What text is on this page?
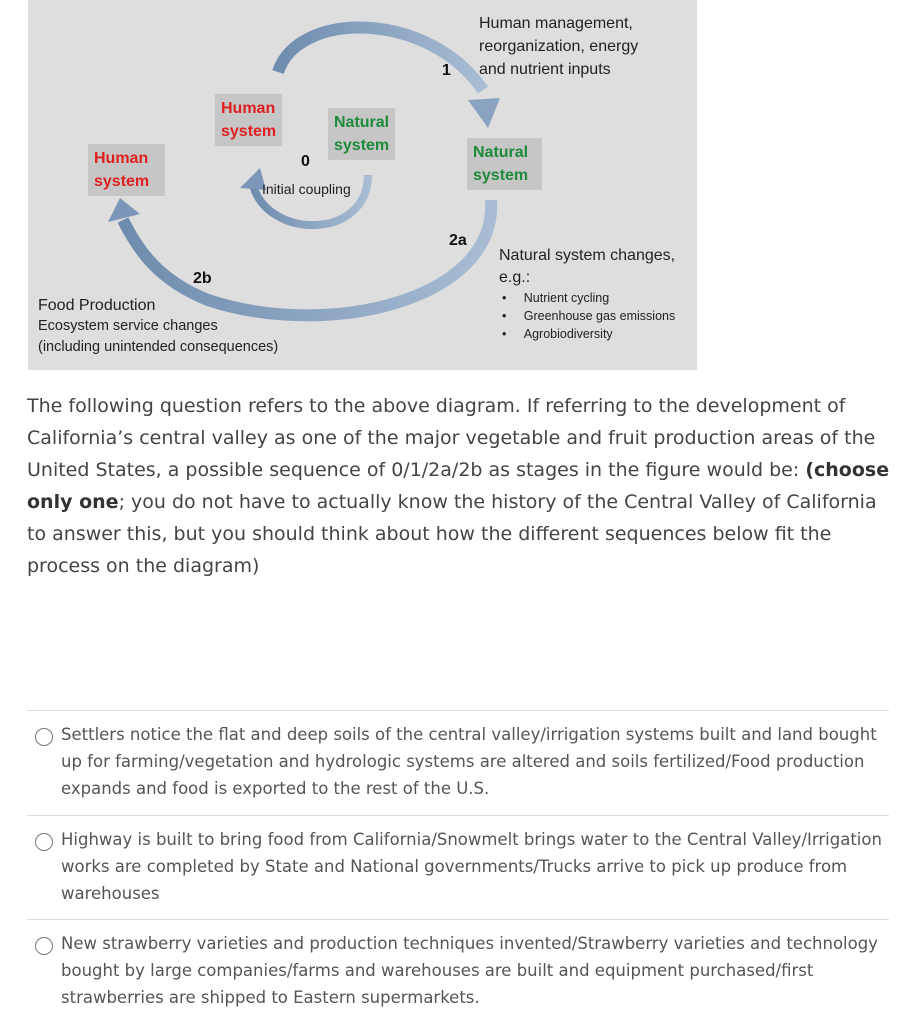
Human
system
Natural
system
Human
system
Natural
system
0
Initial coupling
1
2a
2b
Human management,
reorganization, energy
and nutrient inputs
Natural system changes,
e.g.:
•     Nutrient cycling
•     Greenhouse gas emissions
•     Agrobiodiversity
Food Production
Ecosystem service changes
(including unintended consequences)
The following question refers to the above diagram. If referring to the development of California’s central valley as one of the major vegetable and fruit production areas of the United States, a possible sequence of 0/1/2a/2b as stages in the figure would be: (choose only one; you do not have to actually know the history of the Central Valley of California to answer this, but you should think about how the different sequences below fit the process on the diagram)
Settlers notice the flat and deep soils of the central valley/irrigation systems built and land bought up for farming/vegetation and hydrologic systems are altered and soils fertilized/Food production expands and food is exported to the rest of the U.S.
Highway is built to bring food from California/Snowmelt brings water to the Central Valley/Irrigation works are completed by State and National governments/Trucks arrive to pick up produce from warehouses
New strawberry varieties and production techniques invented/Strawberry varieties and technology bought by large companies/farms and warehouses are built and equipment purchased/first strawberries are shipped to Eastern supermarkets.
